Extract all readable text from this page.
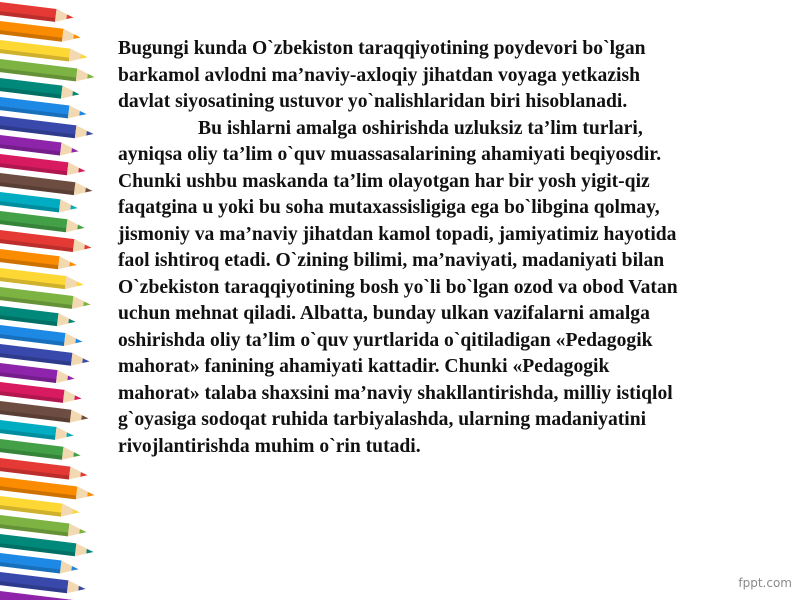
Bugungi kunda O`zbekiston taraqqiyotining poydevori bo`lgan
barkamol avlodni ma’naviy-axloqiy jihatdan voyaga yetkazish
davlat siyosatining ustuvor yo`nalishlaridan biri hisoblanadi.

Bu ishlarni amalga oshirishda uzluksiz ta’lim turlari,
ayniqsa oliy ta’lim o`quv muassasalarining ahamiyati beqiyosdir.
Chunki ushbu maskanda ta’lim olayotgan har bir yosh yigit-qiz
faqatgina u yoki bu soha mutaxassisligiga ega bo`libgina qolmay,
jismoniy va ma’naviy jihatdan kamol topadi, jamiyatimiz hayotida
faol ishtiroq etadi. O`zining bilimi, ma’naviyati, madaniyati bilan
O`zbekiston taraqqiyotining bosh yo`li bo`lgan ozod va obod Vatan
uchun mehnat qiladi. Albatta, bunday ulkan vazifalarni amalga
oshirishda oliy ta’lim o`quv yurtlarida o`qitiladigan «Pedagogik
mahorat» fanining ahamiyati kattadir. Chunki «Pedagogik
mahorat» talaba shaxsini ma’naviy shakllantirishda, milliy istiqlol
g`oyasiga sodoqat ruhida tarbiyalashda, ularning madaniyatini
rivojlantirishda muhim o`rin tutadi.

fppt.com
